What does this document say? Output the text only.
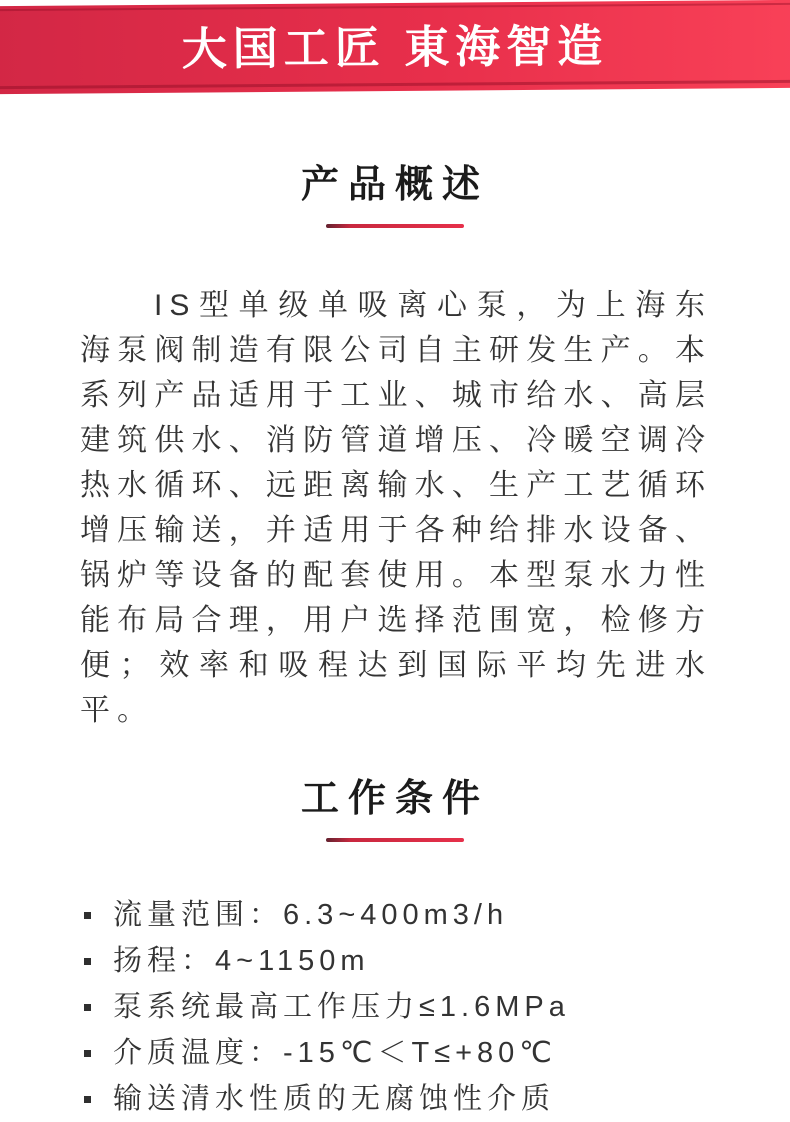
大国工匠 東海智造
产品概述

IS型单级单吸离心泵，为上海东海泵阀制造有限公司自主研发生产。本系列产品适用于工业、城市给水、高层建筑供水、消防管道增压、冷暖空调冷热水循环、远距离输水、生产工艺循环增压输送，并适用于各种给排水设备、锅炉等设备的配套使用。本型泵水力性能布局合理，用户选择范围宽，检修方便；效率和吸程达到国际平均先进水平。

工作条件
流量范围：6.3~400m3/h
扬程：4~1150m
泵系统最高工作压力≤1.6MPa
介质温度：-15℃＜T≤+80℃
输送清水性质的无腐蚀性介质
